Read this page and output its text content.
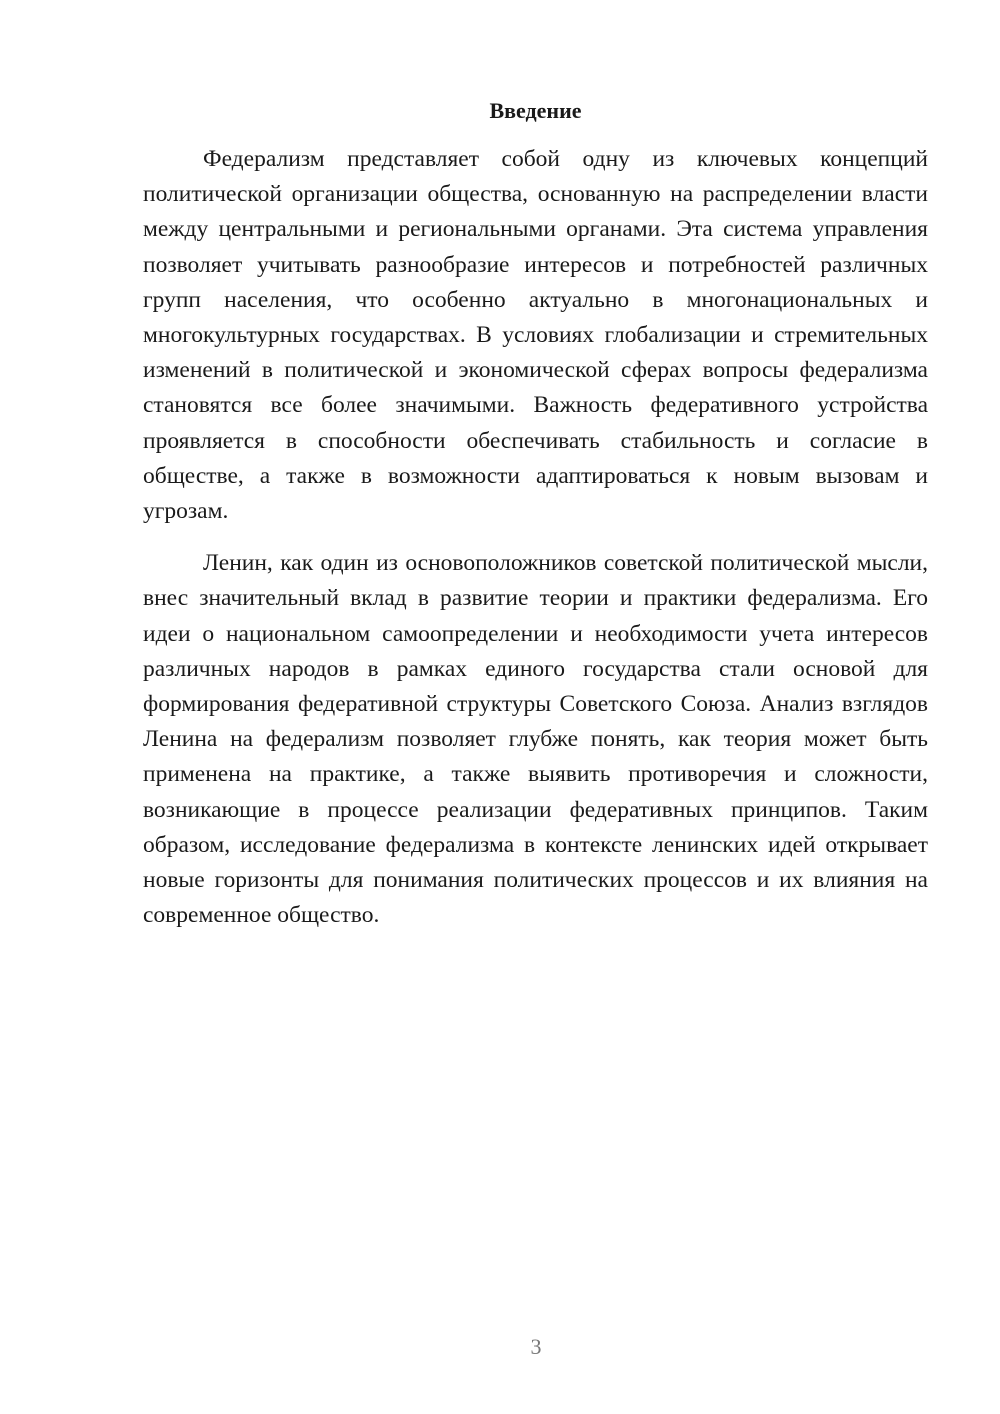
Введение

Федерализм представляет собой одну из ключевых концепций политической организации общества, основанную на распределении власти между центральными и региональными органами. Эта система управления позволяет учитывать разнообразие интересов и потребностей различных групп населения, что особенно актуально в многонациональных и многокультурных государствах. В условиях глобализации и стремительных изменений в политической и экономической сферах вопросы федерализма становятся все более значимыми. Важность федеративного устройства проявляется в способности обеспечивать стабильность и согласие в обществе, а также в возможности адаптироваться к новым вызовам и угрозам.

Ленин, как один из основоположников советской политической мысли, внес значительный вклад в развитие теории и практики федерализма. Его идеи о национальном самоопределении и необходимости учета интересов различных народов в рамках единого государства стали основой для формирования федеративной структуры Советского Союза. Анализ взглядов Ленина на федерализм позволяет глубже понять, как теория может быть применена на практике, а также выявить противоречия и сложности, возникающие в процессе реализации федеративных принципов. Таким образом, исследование федерализма в контексте ленинских идей открывает новые горизонты для понимания политических процессов и их влияния на современное общество.

3
